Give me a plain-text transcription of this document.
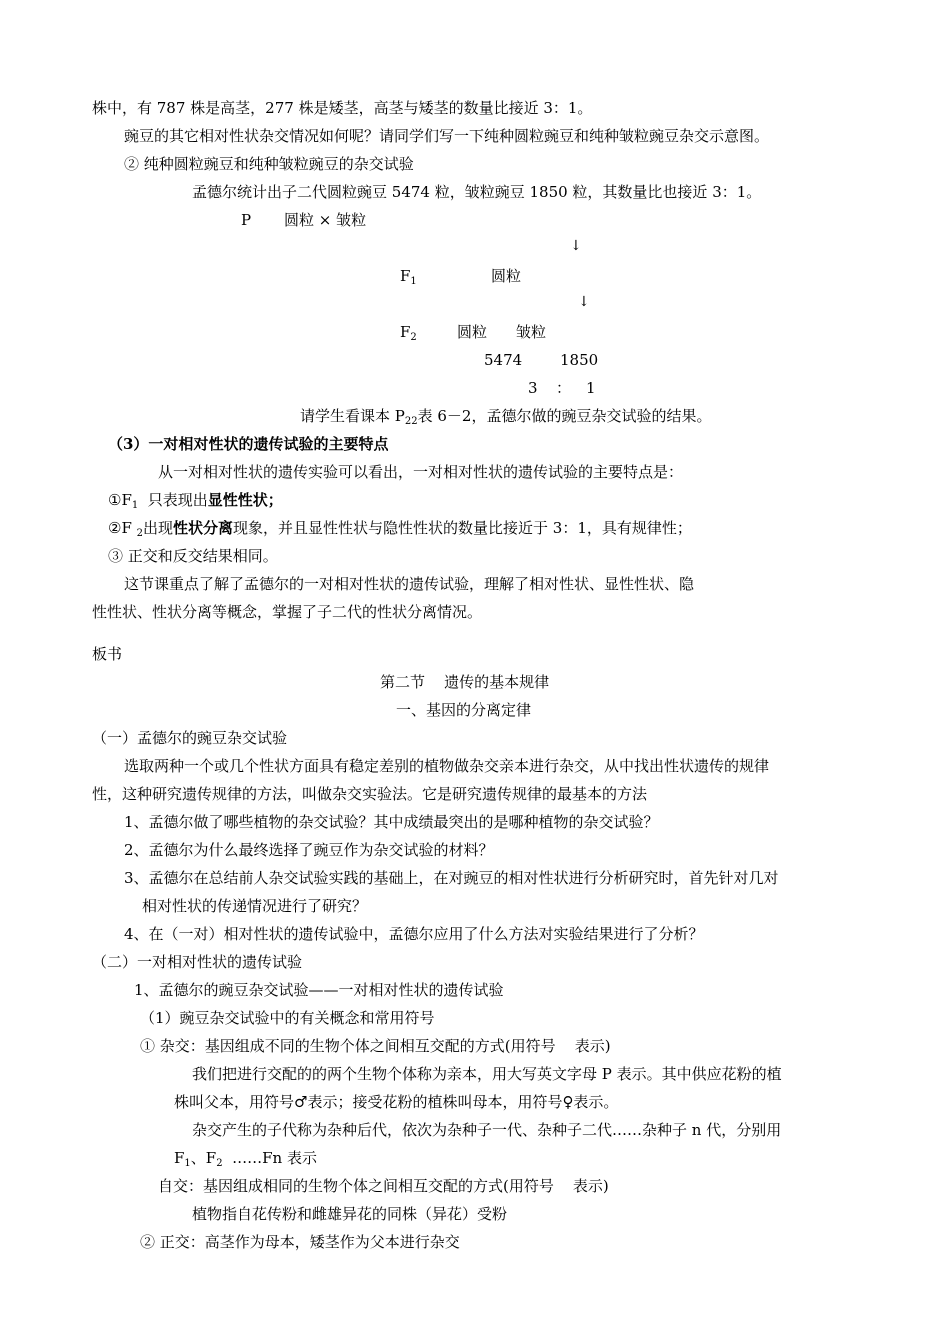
株中，有 787 株是高茎，277 株是矮茎，高茎与矮茎的数量比接近 3：1。
豌豆的其它相对性状杂交情况如何呢？请同学们写一下纯种圆粒豌豆和纯种皱粒豌豆杂交示意图。
② 纯种圆粒豌豆和纯种皱粒豌豆的杂交试验
孟德尔统计出子二代圆粒豌豆 5474 粒，皱粒豌豆 1850 粒，其数量比也接近 3：1。
P 圆粒 × 皱粒
↓
$F_1$	圆粒
↓
$F_2$	圆粒 皱粒
5474	1850
3 ： 1
请学生看课本 $P_{22}$表 6－2，孟德尔做的豌豆杂交试验的结果。
（3）一对相对性状的遗传试验的主要特点
从一对相对性状的遗传实验可以看出，一对相对性状的遗传试验的主要特点是：
$①F_1$  只表现出显性性状；
②F $_2$出现性状分离现象，并且显性性状与隐性性状的数量比接近于 3：1，具有规律性；
③ 正交和反交结果相同。
这节课重点了解了孟德尔的一对相对性状的遗传试验，理解了相对性状、显性性状、隐
性性状、性状分离等概念，掌握了子二代的性状分离情况。
板书
第二节    遗传的基本规律
一、基因的分离定律
（一）孟德尔的豌豆杂交试验
选取两种一个或几个性状方面具有稳定差别的植物做杂交亲本进行杂交，从中找出性状遗传的规律
性，这种研究遗传规律的方法，叫做杂交实验法。它是研究遗传规律的最基本的方法
1、孟德尔做了哪些植物的杂交试验？其中成绩最突出的是哪种植物的杂交试验？
2、孟德尔为什么最终选择了豌豆作为杂交试验的材料？
3、孟德尔在总结前人杂交试验实践的基础上，在对豌豆的相对性状进行分析研究时，首先针对几对
相对性状的传递情况进行了研究？
4、在（一对）相对性状的遗传试验中，孟德尔应用了什么方法对实验结果进行了分析？
（二）一对相对性状的遗传试验
1、孟德尔的豌豆杂交试验——一对相对性状的遗传试验
（1）豌豆杂交试验中的有关概念和常用符号
① 杂交：基因组成不同的生物个体之间相互交配的方式(用符号    表示)
我们把进行交配的的两个生物个体称为亲本，用大写英文字母 P 表示。其中供应花粉的植
株叫父本，用符号♂表示；接受花粉的植株叫母本，用符号♀表示。
杂交产生的子代称为杂种后代，依次为杂种子一代、杂种子二代……杂种子 n 代，分别用
$F_1$、$F_2$  ……Fn 表示
自交：基因组成相同的生物个体之间相互交配的方式(用符号    表示)
植物指自花传粉和雌雄异花的同株（异花）受粉
② 正交：高茎作为母本，矮茎作为父本进行杂交
